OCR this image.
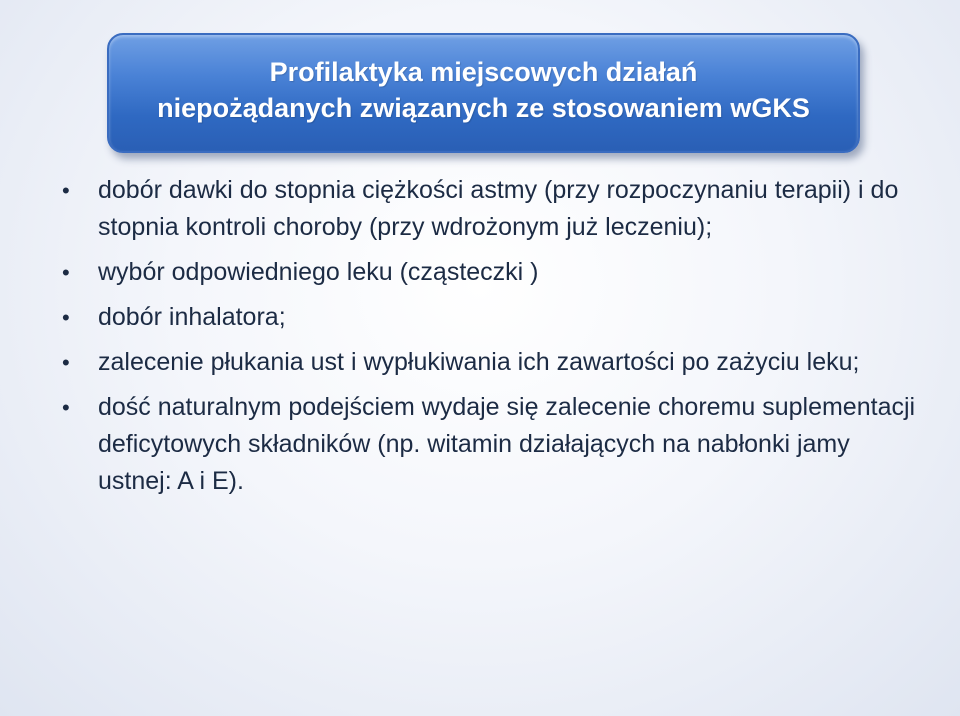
Profilaktyka miejscowych działań
niepożądanych związanych ze stosowaniem wGKS
• dobór dawki do stopnia ciężkości astmy (przy rozpoczynaniu terapii) i do stopnia kontroli choroby (przy wdrożonym już leczeniu);
• wybór odpowiedniego leku (cząsteczki )
• dobór inhalatora;
• zalecenie płukania ust i wypłukiwania ich zawartości po zażyciu leku;
• dość naturalnym podejściem wydaje się zalecenie choremu suplementacji deficytowych składników (np. witamin działających na nabłonki jamy ustnej: A i E).
